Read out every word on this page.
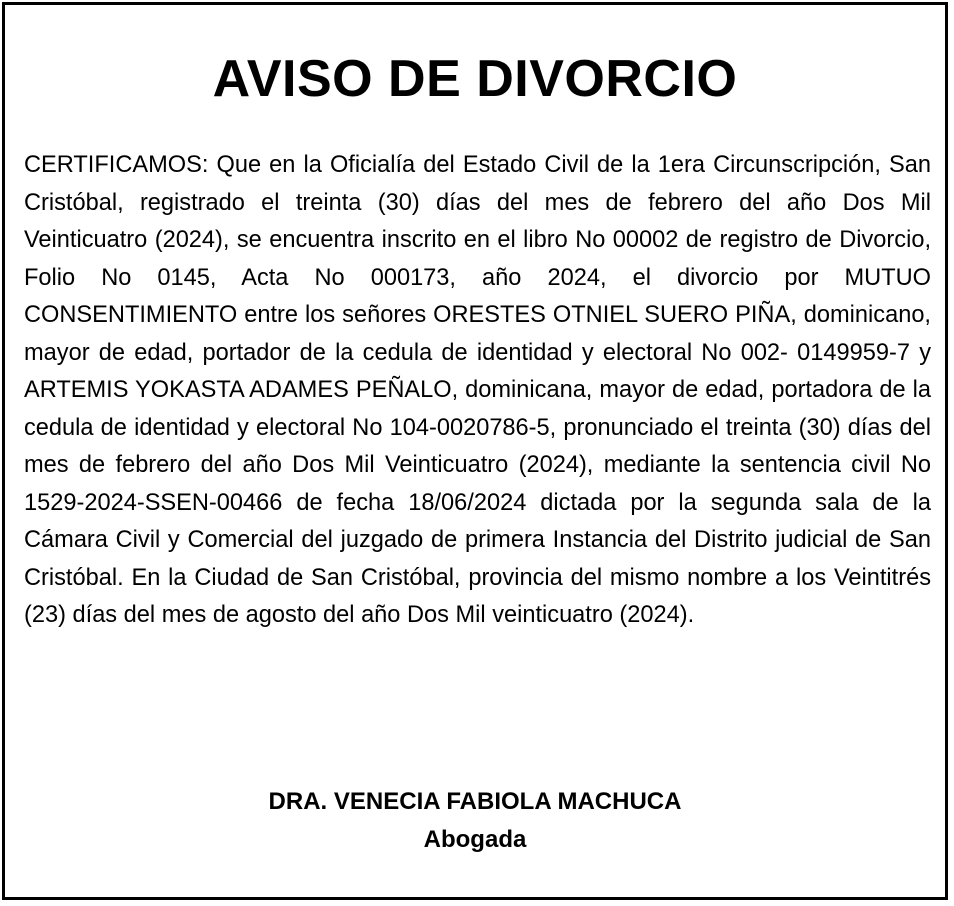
AVISO DE DIVORCIO

CERTIFICAMOS: Que en la Oficialía del Estado Civil de la 1era Circunscripción, San Cristóbal, registrado el treinta (30) días del mes de febrero del año Dos Mil Veinticuatro (2024), se encuentra inscrito en el libro No 00002 de registro de Divorcio, Folio No 0145, Acta No 000173, año 2024, el divorcio por MUTUO CONSENTIMIENTO entre los señores ORESTES OTNIEL SUERO PIÑA, dominicano, mayor de edad, portador de la cedula de identidad y electoral No 002- 0149959-7 y ARTEMIS YOKASTA ADAMES PEÑALO, dominicana, mayor de edad, portadora de la cedula de identidad y electoral No 104-0020786-5, pronunciado el treinta (30) días del mes de febrero del año Dos Mil Veinticuatro (2024), mediante la sentencia civil No 1529-2024-SSEN-00466 de fecha 18/06/2024 dictada por la segunda sala de la Cámara Civil y Comercial del juzgado de primera Instancia del Distrito judicial de San Cristóbal. En la Ciudad de San Cristóbal, provincia del mismo nombre a los Veintitrés (23) días del mes de agosto del año Dos Mil veinticuatro (2024).

DRA. VENECIA FABIOLA MACHUCA
Abogada
